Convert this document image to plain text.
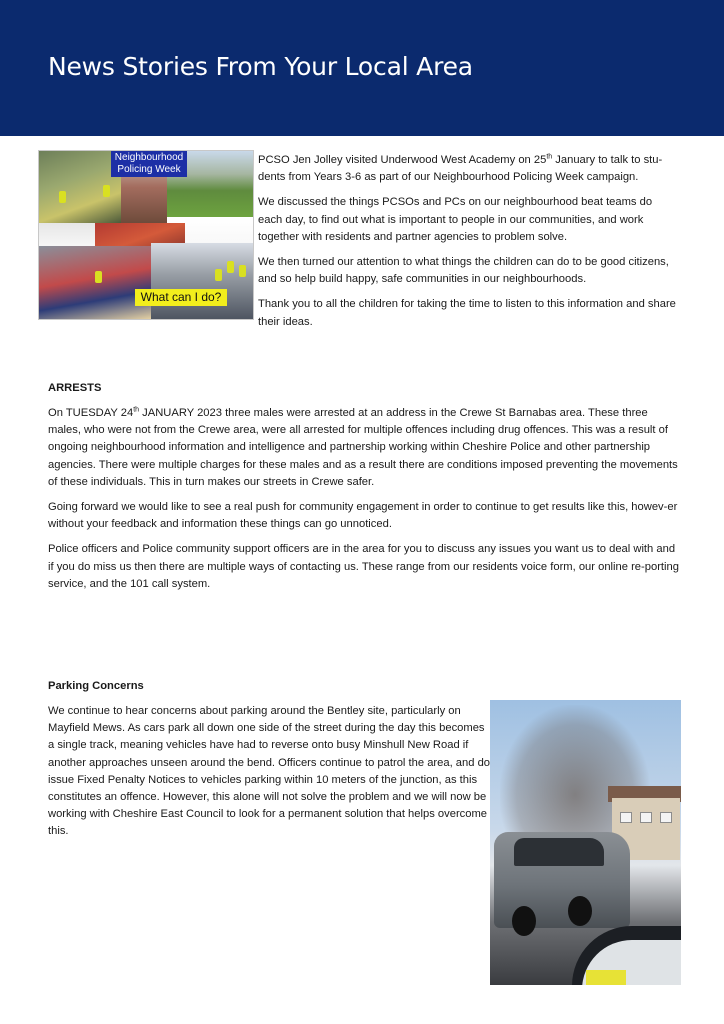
News Stories From Your Local Area
Neighbourhood Policing Week
What can I do?

PCSO Jen Jolley visited Underwood West Academy on 25th January to talk to stu-dents from Years 3-6 as part of our Neighbourhood Policing Week campaign.

We discussed the things PCSOs and PCs on our neighbourhood beat teams do each day, to find out what is important to people in our communities, and work together with residents and partner agencies to problem solve.

We then turned our attention to what things the children can do to be good citizens, and so help build happy, safe communities in our neighbourhoods.

Thank you to all the children for taking the time to listen to this information and share their ideas.

ARRESTS

On TUESDAY 24th JANUARY 2023 three males were arrested at an address in the Crewe St Barnabas area. These three males, who were not from the Crewe area, were all arrested for multiple offences including drug offences. This was a result of ongoing neighbourhood information and intelligence and partnership working within Cheshire Police and other partnership agencies. There were multiple charges for these males and as a result there are conditions imposed preventing the movements of these individuals. This in turn makes our streets in Crewe safer.

Going forward we would like to see a real push for community engagement in order to continue to get results like this, howev-er without your feedback and information these things can go unnoticed.

Police officers and Police community support officers are in the area for you to discuss any issues you want us to deal with and if you do miss us then there are multiple ways of contacting us. These range from our residents voice form, our online re-porting service, and the 101 call system.

Parking Concerns

We continue to hear concerns about parking around the Bentley site, particularly on Mayfield Mews. As cars park all down one side of the street during the day this becomes a single track, meaning vehicles have had to reverse onto busy Minshull New Road if another approaches unseen around the bend. Officers continue to patrol the area, and do issue Fixed Penalty Notices to vehicles parking within 10 meters of the junction, as this constitutes an offence. However, this alone will not solve the problem and we will now be working with Cheshire East Council to look for a permanent solution that helps overcome this.
